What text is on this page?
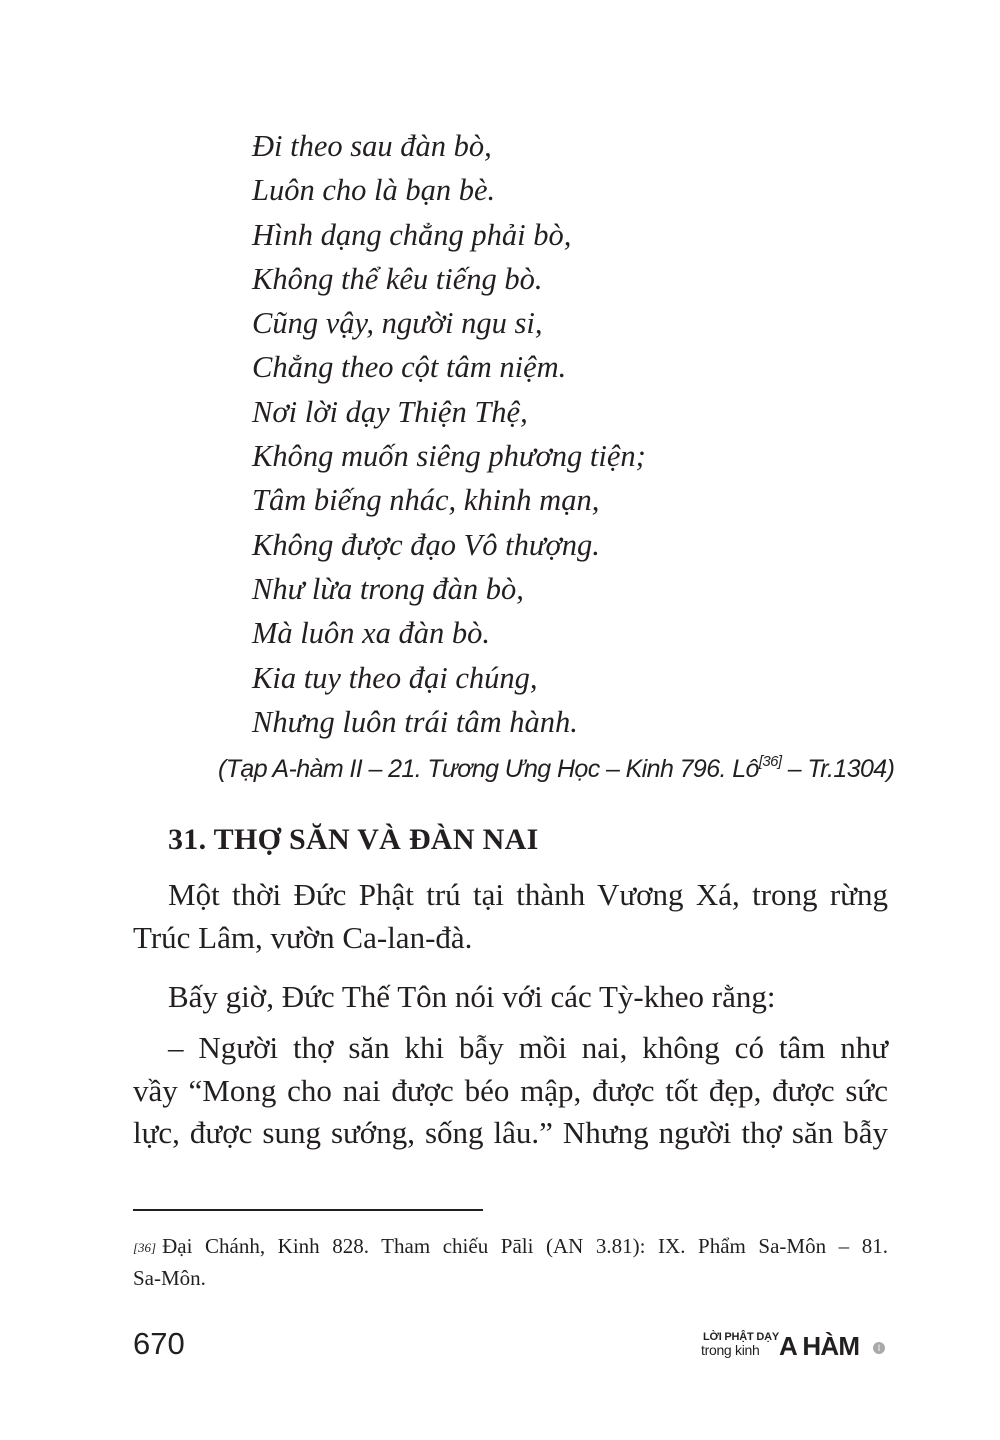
Đi theo sau đàn bò,
Luôn cho là bạn bè.
Hình dạng chẳng phải bò,
Không thể kêu tiếng bò.
Cũng vậy, người ngu si,
Chẳng theo cột tâm niệm.
Nơi lời dạy Thiện Thệ,
Không muốn siêng phương tiện;
Tâm biếng nhác, khinh mạn,
Không được đạo Vô thượng.
Như lừa trong đàn bò,
Mà luôn xa đàn bò.
Kia tuy theo đại chúng,
Nhưng luôn trái tâm hành.
(Tạp A-hàm II – 21. Tương Ưng Học – Kinh 796. Lô[36] – Tr.1304)
31. THỢ SĂN VÀ ĐÀN NAI
Một thời Đức Phật trú tại thành Vương Xá, trong rừng
Trúc Lâm, vườn Ca-lan-đà.
Bấy giờ, Đức Thế Tôn nói với các Tỳ-kheo rằng:
– Người thợ săn khi bẫy mồi nai, không có tâm như
vầy “Mong cho nai được béo mập, được tốt đẹp, được sức
lực, được sung sướng, sống lâu.” Nhưng người thợ săn bẫy
[36] Đại Chánh, Kinh 828. Tham chiếu Pāli (AN 3.81): IX. Phẩm Sa-Môn – 81.
Sa-Môn.
670	LỜI PHẬT DẠY
trong kinh A HÀM	I
